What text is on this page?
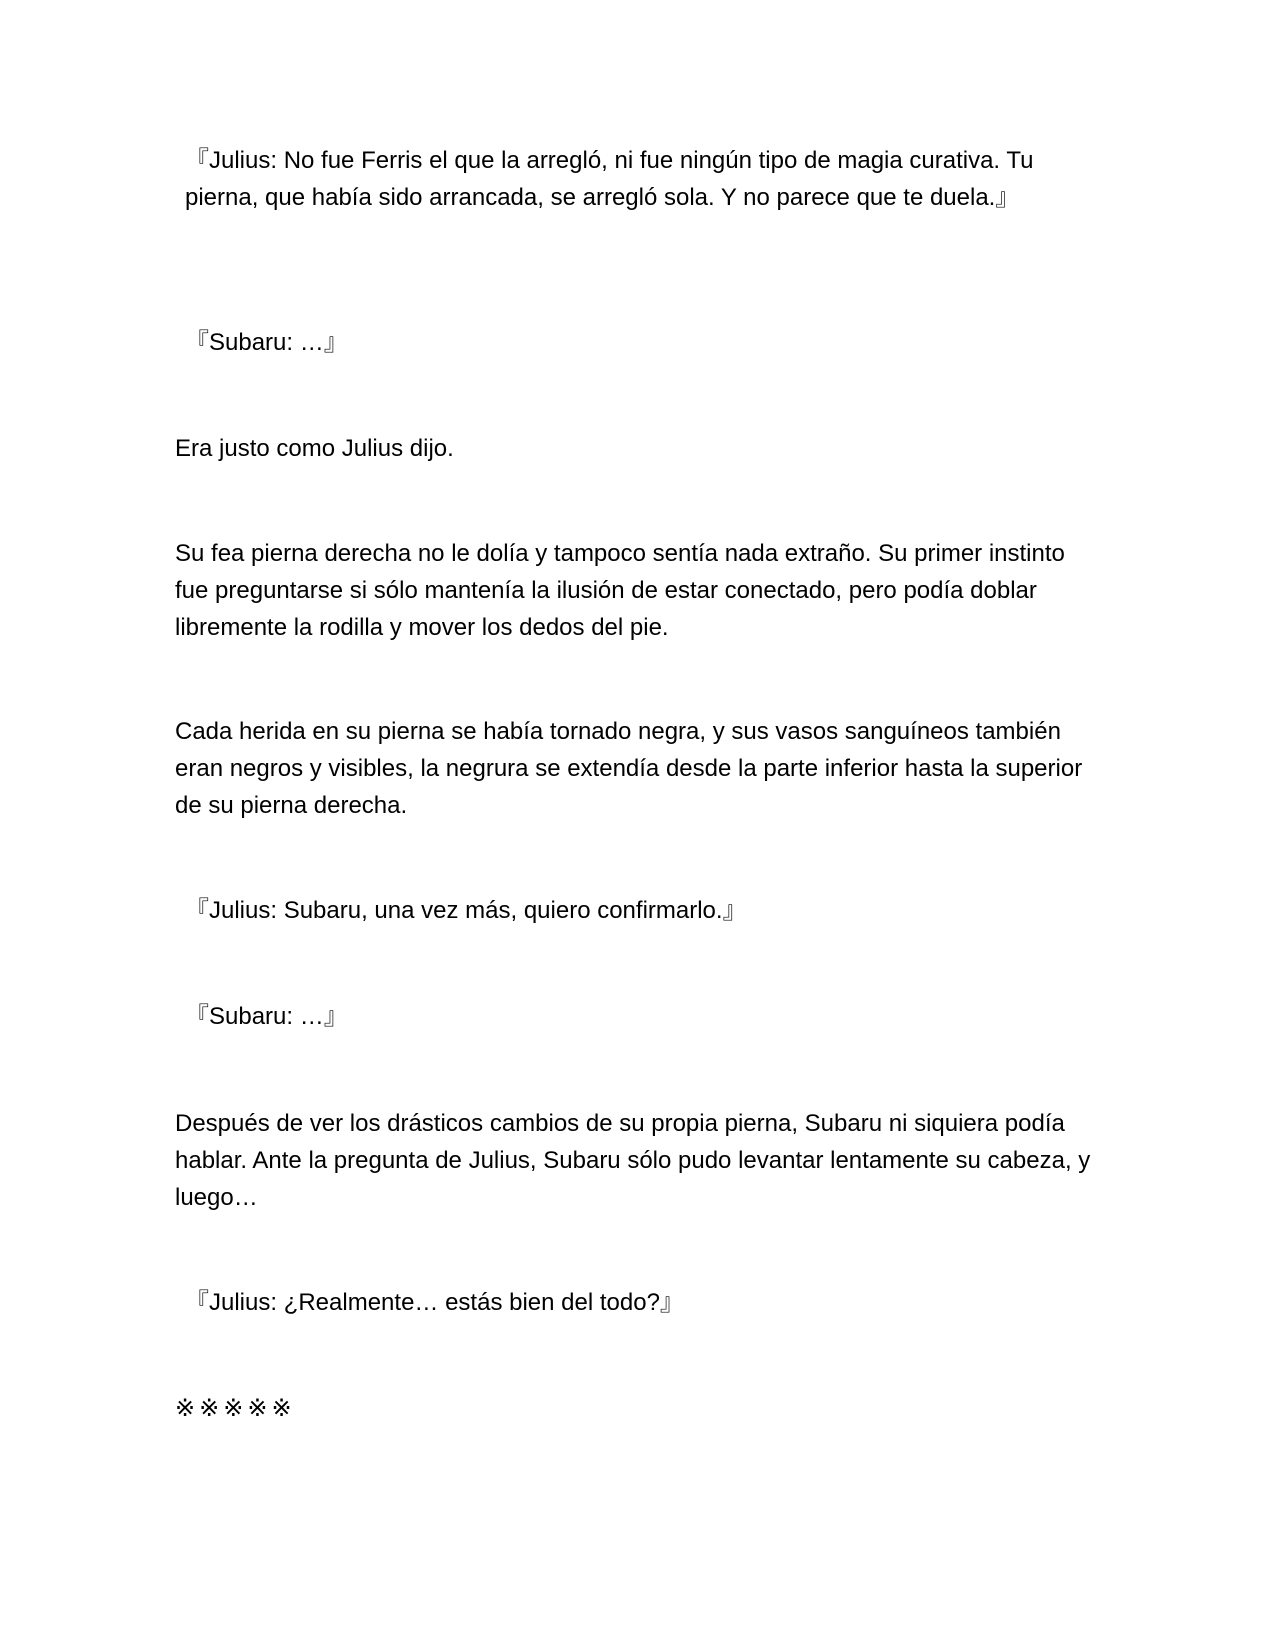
『Julius: No fue Ferris el que la arregló, ni fue ningún tipo de magia curativa. Tu pierna, que había sido arrancada, se arregló sola. Y no parece que te duela.』

『Subaru: …』

Era justo como Julius dijo.

Su fea pierna derecha no le dolía y tampoco sentía nada extraño. Su primer instinto fue preguntarse si sólo mantenía la ilusión de estar conectado, pero podía doblar libremente la rodilla y mover los dedos del pie.

Cada herida en su pierna se había tornado negra, y sus vasos sanguíneos también eran negros y visibles, la negrura se extendía desde la parte inferior hasta la superior de su pierna derecha.

『Julius: Subaru, una vez más, quiero confirmarlo.』

『Subaru: …』

Después de ver los drásticos cambios de su propia pierna, Subaru ni siquiera podía hablar. Ante la pregunta de Julius, Subaru sólo pudo levantar lentamente su cabeza, y luego…

『Julius: ¿Realmente… estás bien del todo?』

※※※※※
